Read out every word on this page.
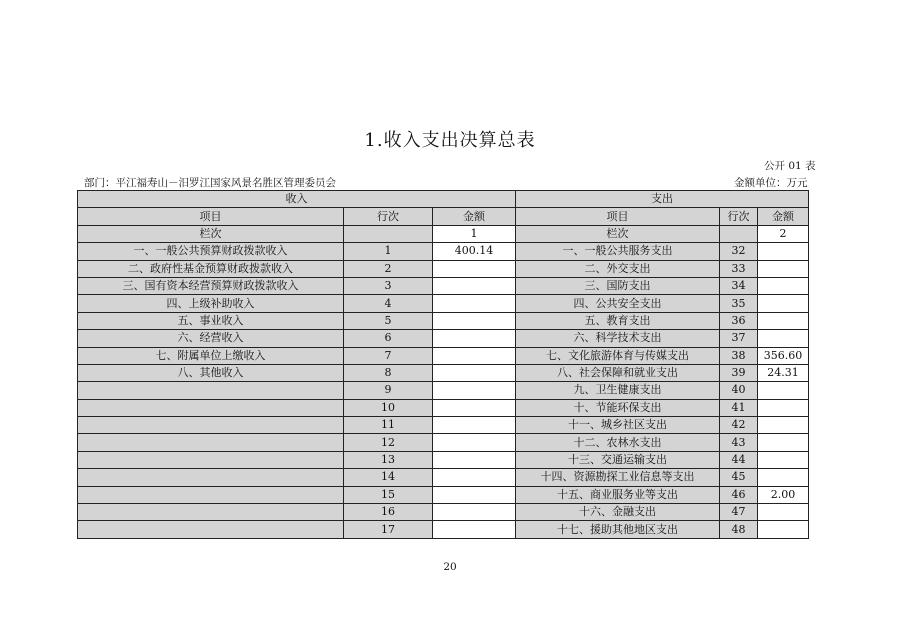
1.收入支出决算总表
公开 01 表
部门：平江福寿山－汨罗江国家风景名胜区管理委员会	金额单位：万元
收入			支出		
项目	行次	金额	项目	行次	金额
栏次		1	栏次		2
一、一般公共预算财政拨款收入	1	400.14	一、一般公共服务支出	32	
二、政府性基金预算财政拨款收入	2		二、外交支出	33	
三、国有资本经营预算财政拨款收入	3		三、国防支出	34	
四、上级补助收入	4		四、公共安全支出	35	
五、事业收入	5		五、教育支出	36	
六、经营收入	6		六、科学技术支出	37	
七、附属单位上缴收入	7		七、文化旅游体育与传媒支出	38	356.60
八、其他收入	8		八、社会保障和就业支出	39	24.31
	9		九、卫生健康支出	40	
	10		十、节能环保支出	41	
	11		十一、城乡社区支出	42	
	12		十二、农林水支出	43	
	13		十三、交通运输支出	44	
	14		十四、资源勘探工业信息等支出	45	
	15		十五、商业服务业等支出	46	2.00
	16		十六、金融支出	47	
	17		十七、援助其他地区支出	48	
20
